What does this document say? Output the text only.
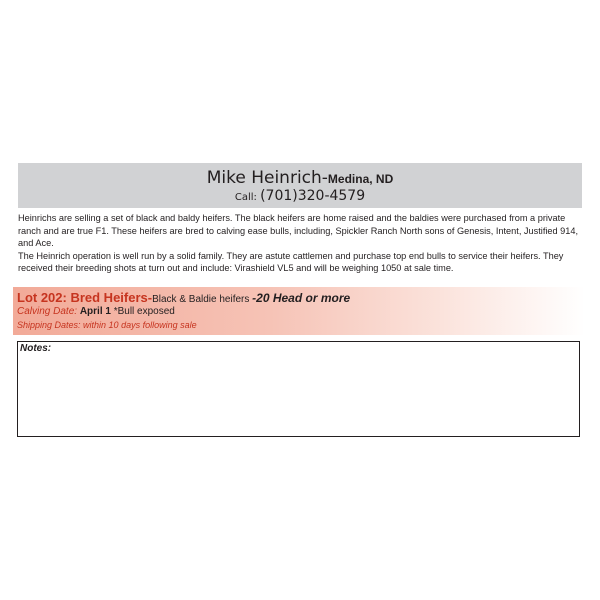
Mike Heinrich-Medina, ND
Call: (701)320-4579

Heinrichs are selling a set of black and baldy heifers. The black heifers are home raised and the baldies were purchased from a private ranch and are true F1. These heifers are bred to calving ease bulls, including, Spickler Ranch North sons of Genesis, Intent, Justified 914, and Ace.

The Heinrich operation is well run by a solid family. They are astute cattlemen and purchase top end bulls to service their heifers. They received their breeding shots at turn out and include: Virashield VL5 and will be weighing 1050 at sale time.

Lot 202: Bred Heifers-Black & Baldie heifers -20 Head or more
Calving Date: April 1 *Bull exposed
Shipping Dates: within 10 days following sale
Notes:
